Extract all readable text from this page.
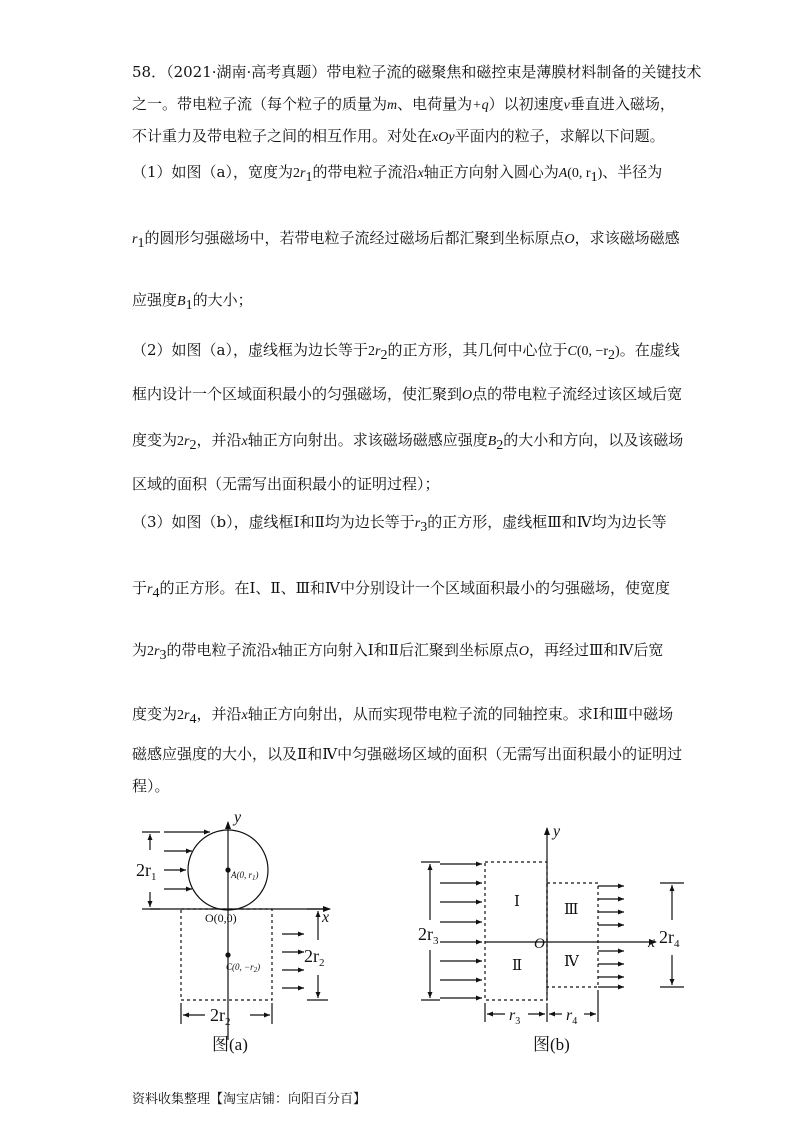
58．（2021·湖南·高考真题）带电粒子流的磁聚焦和磁控束是薄膜材料制备的关键技术
之一。带电粒子流（每个粒子的质量为m、电荷量为+q）以初速度v垂直进入磁场，
不计重力及带电粒子之间的相互作用。对处在xOy平面内的粒子，求解以下问题。
（1）如图（a），宽度为$2r_1$的带电粒子流沿x轴正方向射入圆心为A(0, $r_1$)、半径为
$r_1$的圆形匀强磁场中，若带电粒子流经过磁场后都汇聚到坐标原点O，求该磁场磁感
应强度$B_1$的大小；
（2）如图（a），虚线框为边长等于$2r_2$的正方形，其几何中心位于C(0, $-r_2$)。在虚线
框内设计一个区域面积最小的匀强磁场，使汇聚到O点的带电粒子流经过该区域后宽
度变为$2r_2$，并沿x轴正方向射出。求该磁场磁感应强度$B_2$的大小和方向，以及该磁场
区域的面积（无需写出面积最小的证明过程）；
（3）如图（b），虚线框Ⅰ和Ⅱ均为边长等于$r_3$的正方形，虚线框Ⅲ和Ⅳ均为边长等
于$r_4$的正方形。在Ⅰ、Ⅱ、Ⅲ和Ⅳ中分别设计一个区域面积最小的匀强磁场，使宽度
为$2r_3$的带电粒子流沿x轴正方向射入Ⅰ和Ⅱ后汇聚到坐标原点O，再经过Ⅲ和Ⅳ后宽
度变为$2r_4$，并沿x轴正方向射出，从而实现带电粒子流的同轴控束。求Ⅰ和Ⅲ中磁场
磁感应强度的大小，以及Ⅱ和Ⅳ中匀强磁场区域的面积（无需写出面积最小的证明过
程）。
y
x
O(0,0)
A(0, $r_1$)
C(0, $-r_2$)
$2r_1$
$2r_2$
$2r_2$
图(a)
y
x
O
Ⅰ
Ⅱ
Ⅲ
Ⅳ
$2r_3$	$2r_4$
$r_3$	$r_4$
图(b)
资料收集整理【淘宝店铺：向阳百分百】
